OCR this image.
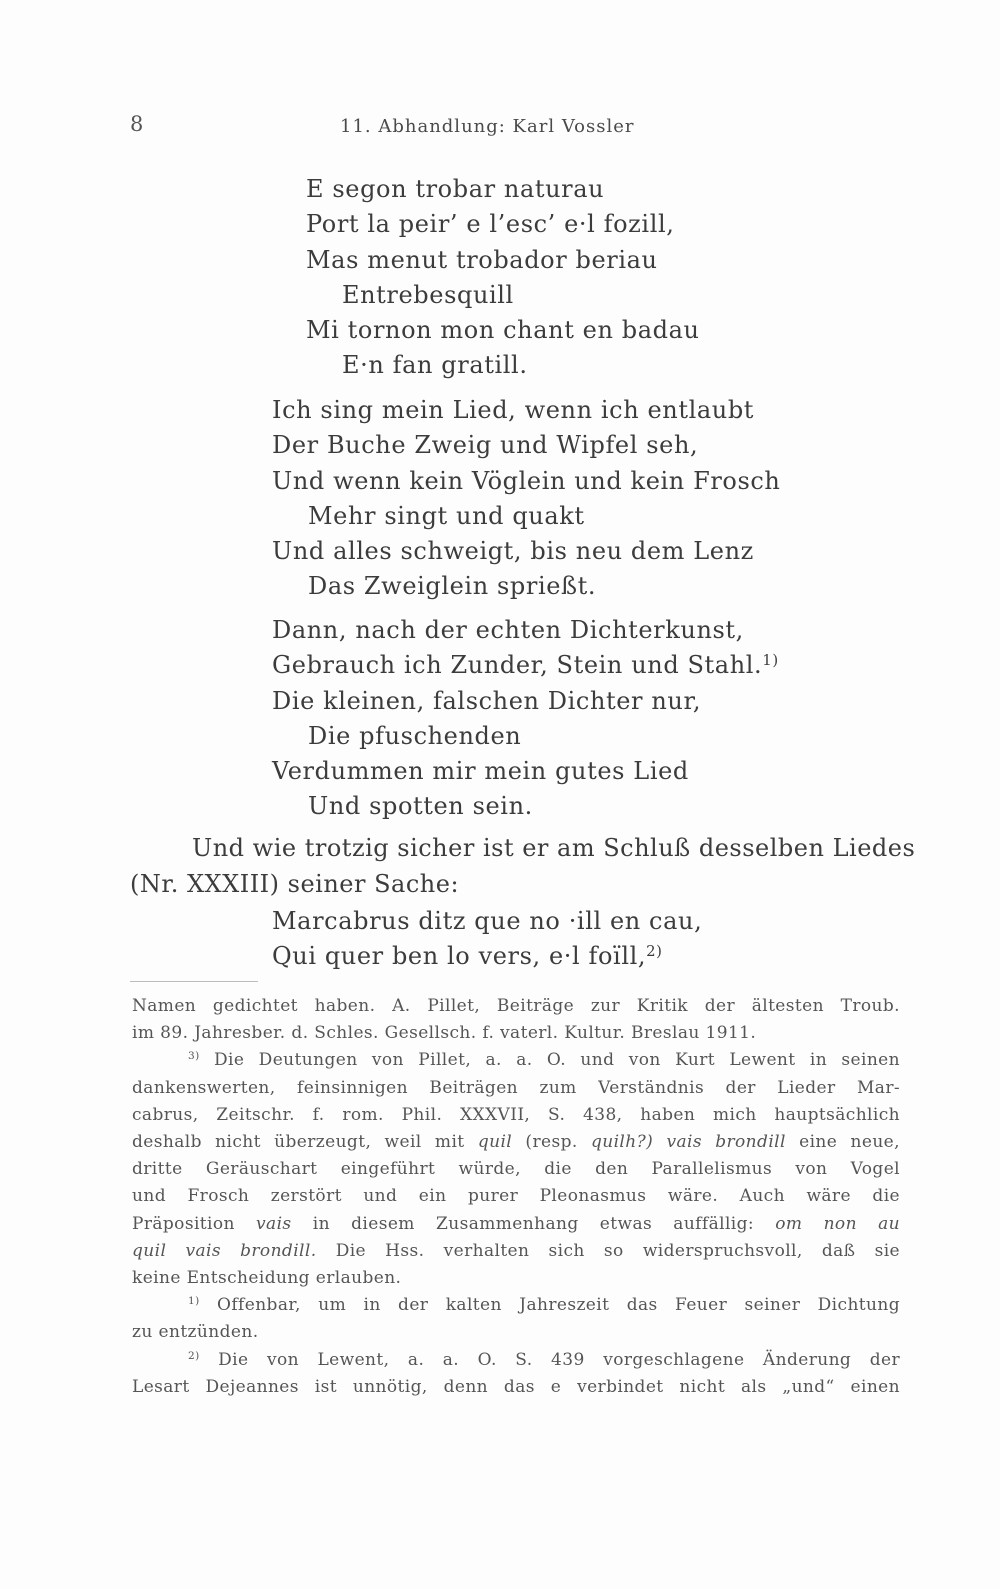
8	11. Abhandlung: Karl Vossler
E segon trobar naturau
Port la peir’ e l’esc’ e·l fozill,
Mas menut trobador beriau
Entrebesquill
Mi tornon mon chant en badau
E·n fan gratill.
Ich sing mein Lied, wenn ich entlaubt
Der Buche Zweig und Wipfel seh,
Und wenn kein Vöglein und kein Frosch
Mehr singt und quakt
Und alles schweigt, bis neu dem Lenz
Das Zweiglein sprießt.
Dann, nach der echten Dichterkunst,
Gebrauch ich Zunder, Stein und Stahl.$^{1)}$
Die kleinen, falschen Dichter nur,
Die pfuschenden
Verdummen mir mein gutes Lied
Und spotten sein.
Und wie trotzig sicher ist er am Schluß desselben Liedes
(Nr. XXXIII) seiner Sache:
Marcabrus ditz que no ·ill en cau,
Qui quer ben lo vers, e·l foïll,$^{2)}$
Namen gedichtet haben. A. Pillet, Beiträge zur Kritik der ältesten Troub.
im 89. Jahresber. d. Schles. Gesellsch. f. vaterl. Kultur. Breslau 1911.
$^{3)}$ Die Deutungen von Pillet, a. a. O. und von Kurt Lewent in seinen
dankenswerten, feinsinnigen Beiträgen zum Verständnis der Lieder Mar-
cabrus, Zeitschr. f. rom. Phil. XXXVII, S. 438, haben mich hauptsächlich
deshalb nicht überzeugt, weil mit quil (resp. quilh?) vais brondill eine neue,
dritte Geräuschart eingeführt würde, die den Parallelismus von Vogel
und Frosch zerstört und ein purer Pleonasmus wäre. Auch wäre die
Präposition vais in diesem Zusammenhang etwas auffällig: om non au
quil vais brondill. Die Hss. verhalten sich so widerspruchsvoll, daß sie
keine Entscheidung erlauben.
$^{1)}$ Offenbar, um in der kalten Jahreszeit das Feuer seiner Dichtung
zu entzünden.
$^{2)}$ Die von Lewent, a. a. O. S. 439 vorgeschlagene Änderung der
Lesart Dejeannes ist unnötig, denn das e verbindet nicht als „und“ einen
